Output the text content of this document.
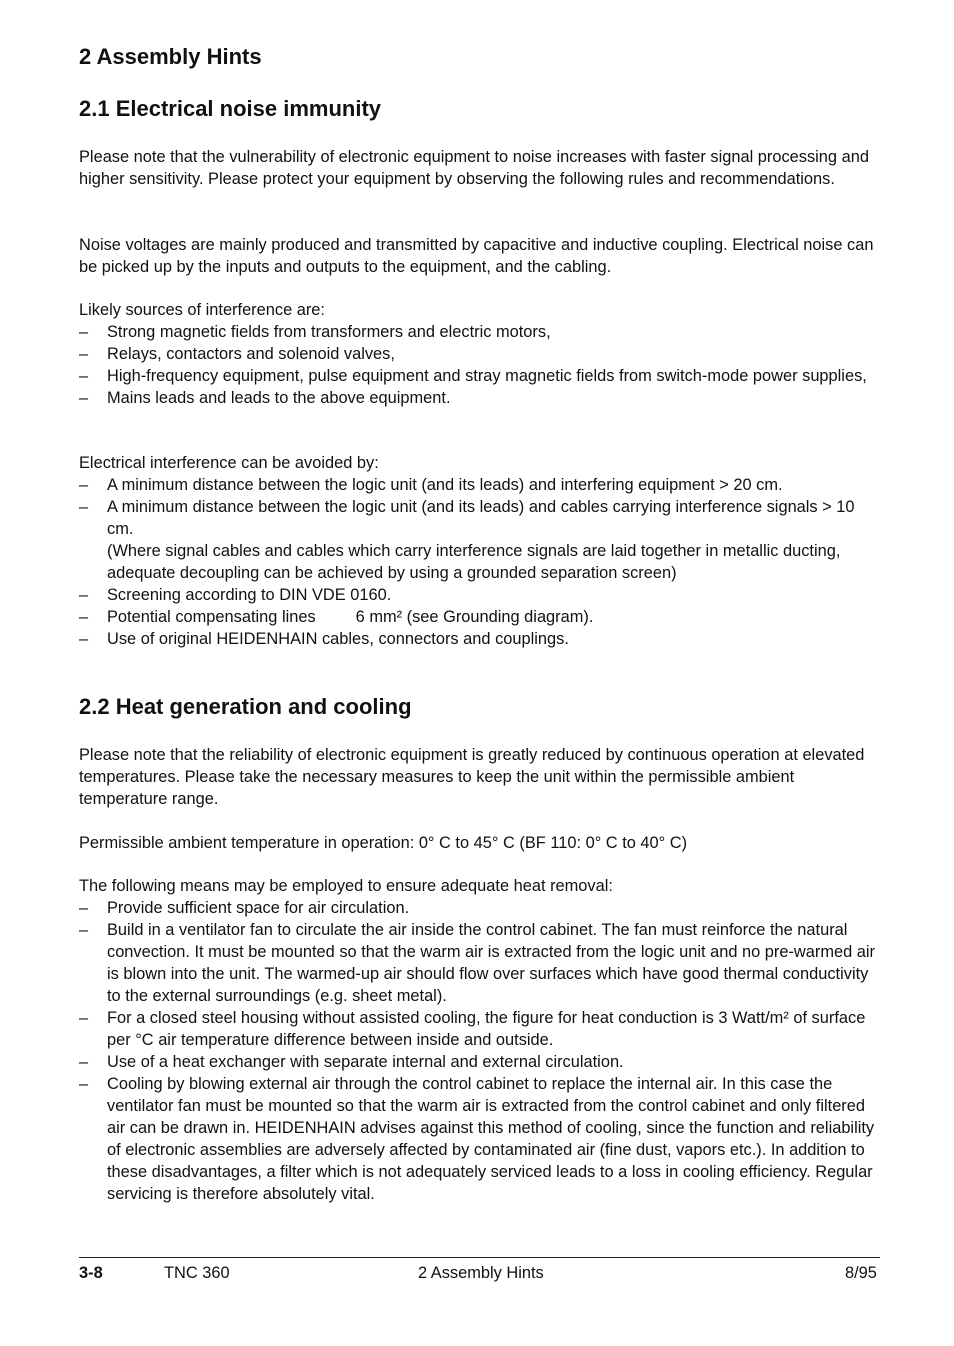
2 Assembly Hints
2.1 Electrical noise immunity

Please note that the vulnerability of electronic equipment to noise increases with faster signal processing and higher sensitivity. Please protect your equipment by observing the following rules and recommendations.

Noise voltages are mainly produced and transmitted by capacitive and inductive coupling. Electrical noise can be picked up by the inputs and outputs to the equipment, and the cabling.

Likely sources of interference are:

– Strong magnetic fields from transformers and electric motors,
– Relays, contactors and solenoid valves,
– High-frequency equipment, pulse equipment and stray magnetic fields from switch-mode power supplies,
– Mains leads and leads to the above equipment.

Electrical interference can be avoided by:

– A minimum distance between the logic unit (and its leads) and interfering equipment > 20 cm.
– A minimum distance between the logic unit (and its leads) and cables carrying interference signals > 10 cm.
(Where signal cables and cables which carry interference signals are laid together in metallic ducting, adequate decoupling can be achieved by using a grounded separation screen)
– Screening according to DIN VDE 0160.
– Potential compensating lines 6 mm² (see Grounding diagram).
– Use of original HEIDENHAIN cables, connectors and couplings.
2.2 Heat generation and cooling

Please note that the reliability of electronic equipment is greatly reduced by continuous operation at elevated temperatures. Please take the necessary measures to keep the unit within the permissible ambient temperature range.

Permissible ambient temperature in operation: 0° C to 45° C (BF 110: 0° C to 40° C)

The following means may be employed to ensure adequate heat removal:

– Provide sufficient space for air circulation.
– Build in a ventilator fan to circulate the air inside the control cabinet. The fan must reinforce the natural convection. It must be mounted so that the warm air is extracted from the logic unit and no pre-warmed air is blown into the unit. The warmed-up air should flow over surfaces which have good thermal conductivity to the external surroundings (e.g. sheet metal).
– For a closed steel housing without assisted cooling, the figure for heat conduction is 3 Watt/m² of surface per °C air temperature difference between inside and outside.
– Use of a heat exchanger with separate internal and external circulation.
– Cooling by blowing external air through the control cabinet to replace the internal air. In this case the ventilator fan must be mounted so that the warm air is extracted from the control cabinet and only filtered air can be drawn in. HEIDENHAIN advises against this method of cooling, since the function and reliability of electronic assemblies are adversely affected by contaminated air (fine dust, vapors etc.). In addition to these disadvantages, a filter which is not adequately serviced leads to a loss in cooling efficiency. Regular servicing is therefore absolutely vital.
3-8	TNC 360	2 Assembly Hints	8/95
